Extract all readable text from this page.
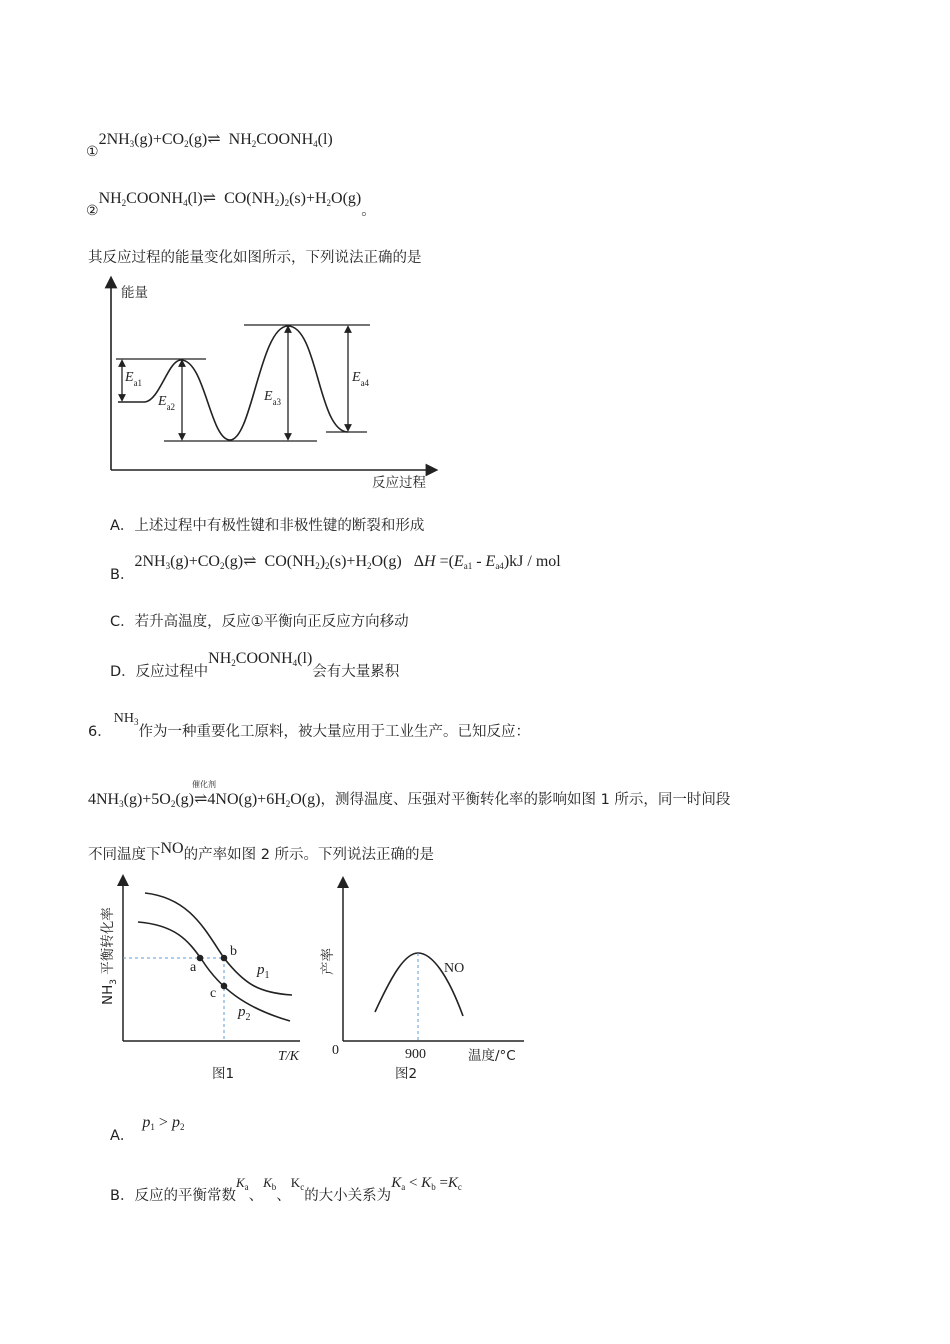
$①2NH_3(g)+CO_2(g)\rightleftharpoons$  $NH_2COONH_4(l)$
$②NH_2COONH_4(l)\rightleftharpoons$  $CO(NH_2)_2(s)+H_2O(g)$。
其反应过程的能量变化如图所示，下列说法正确的是
能量
反应过程
$E_{a1}$
$E_{a2}$
$E_{a3}$
$E_{a4}$
A．上述过程中有极性键和非极性键的断裂和形成
B．$2NH_3(g)+CO_2(g)\rightleftharpoons$  $CO(NH_2)_2(s)+H_2O(g)$   $\Delta H =(E_{a1} - E_{a4})kJ$ / mol
C．若升高温度，反应①平衡向正反应方向移动
D．反应过程中$NH_2COONH_4(l)$会有大量累积
6．$NH_3$作为一种重要化工原料，被大量应用于工业生产。已知反应：
$4NH_3(g)+5O_2(g)$
催化剂
$\rightleftharpoons 4NO(g)+6H_2O(g)$，测得温度、压强对平衡转化率的影响如图 1 所示，同一时间段
不同温度下NO的产率如图 2 所示。下列说法正确的是
$NH_3$ 平衡转化率
T/K
图1
a
b
c
$p_1$
$p_2$
产率
0	900	温度/°C
图2
NO
A．$p_1 > p_2$
B．反应的平衡常数$K_a$、$K_b$、$K_c$的大小关系为$K_a < K_b =K_c$
